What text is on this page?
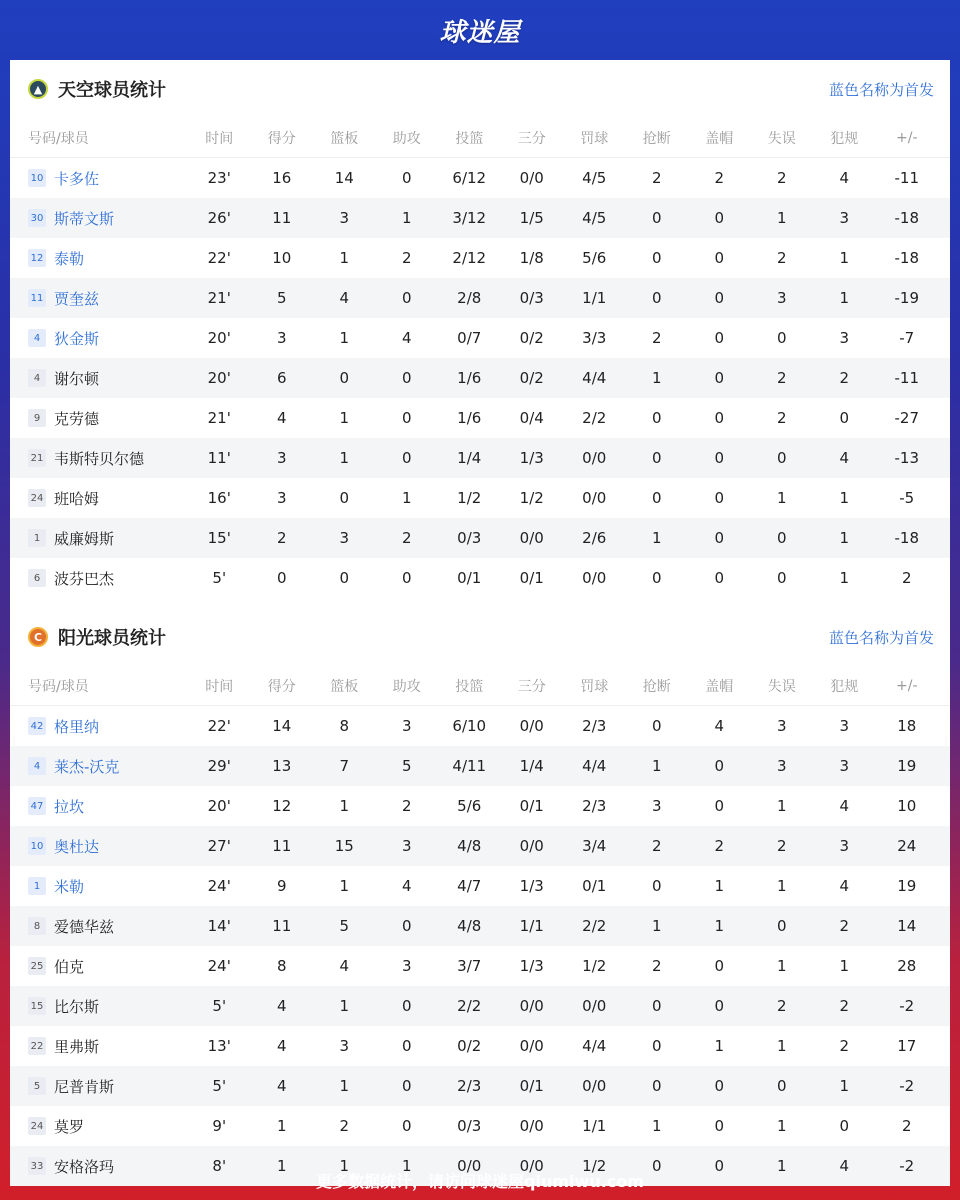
球迷屋
▲ 天空球员统计	蓝色名称为首发
号码/球员	时间	得分	篮板	助攻	投篮	三分	罚球	抢断	盖帽	失误	犯规	+/-
10 卡多佐	23'	16	14	0	6/12	0/0	4/5	2	2	2	4	-11
30 斯蒂文斯	26'	11	3	1	3/12	1/5	4/5	0	0	1	3	-18
12 泰勒	22'	10	1	2	2/12	1/8	5/6	0	0	2	1	-18
11 贾奎兹	21'	5	4	0	2/8	0/3	1/1	0	0	3	1	-19
4 狄金斯	20'	3	1	4	0/7	0/2	3/3	2	0	0	3	-7
4 谢尔顿	20'	6	0	0	1/6	0/2	4/4	1	0	2	2	-11
9 克劳德	21'	4	1	0	1/6	0/4	2/2	0	0	2	0	-27
21 韦斯特贝尔德	11'	3	1	0	1/4	1/3	0/0	0	0	0	4	-13
24 班哈姆	16'	3	0	1	1/2	1/2	0/0	0	0	1	1	-5
1 威廉姆斯	15'	2	3	2	0/3	0/0	2/6	1	0	0	1	-18
6 波芬巴杰	5'	0	0	0	0/1	0/1	0/0	0	0	0	1	2
C 阳光球员统计	蓝色名称为首发
号码/球员	时间	得分	篮板	助攻	投篮	三分	罚球	抢断	盖帽	失误	犯规	+/-
42 格里纳	22'	14	8	3	6/10	0/0	2/3	0	4	3	3	18
4 莱杰-沃克	29'	13	7	5	4/11	1/4	4/4	1	0	3	3	19
47 拉坎	20'	12	1	2	5/6	0/1	2/3	3	0	1	4	10
10 奥杜达	27'	11	15	3	4/8	0/0	3/4	2	2	2	3	24
1 米勒	24'	9	1	4	4/7	1/3	0/1	0	1	1	4	19
8 爱德华兹	14'	11	5	0	4/8	1/1	2/2	1	1	0	2	14
25 伯克	24'	8	4	3	3/7	1/3	1/2	2	0	1	1	28
15 比尔斯	5'	4	1	0	2/2	0/0	0/0	0	0	2	2	-2
22 里弗斯	13'	4	3	0	0/2	0/0	4/4	0	1	1	2	17
5 尼普肯斯	5'	4	1	0	2/3	0/1	0/0	0	0	0	1	-2
24 莫罗	9'	1	2	0	0/3	0/0	1/1	1	0	1	0	2
33 安格洛玛	8'	1	1	1	0/0	0/0	1/2	0	0	1	4	-2
更多数据统计，请访问球迷屋qiumiwu.com
